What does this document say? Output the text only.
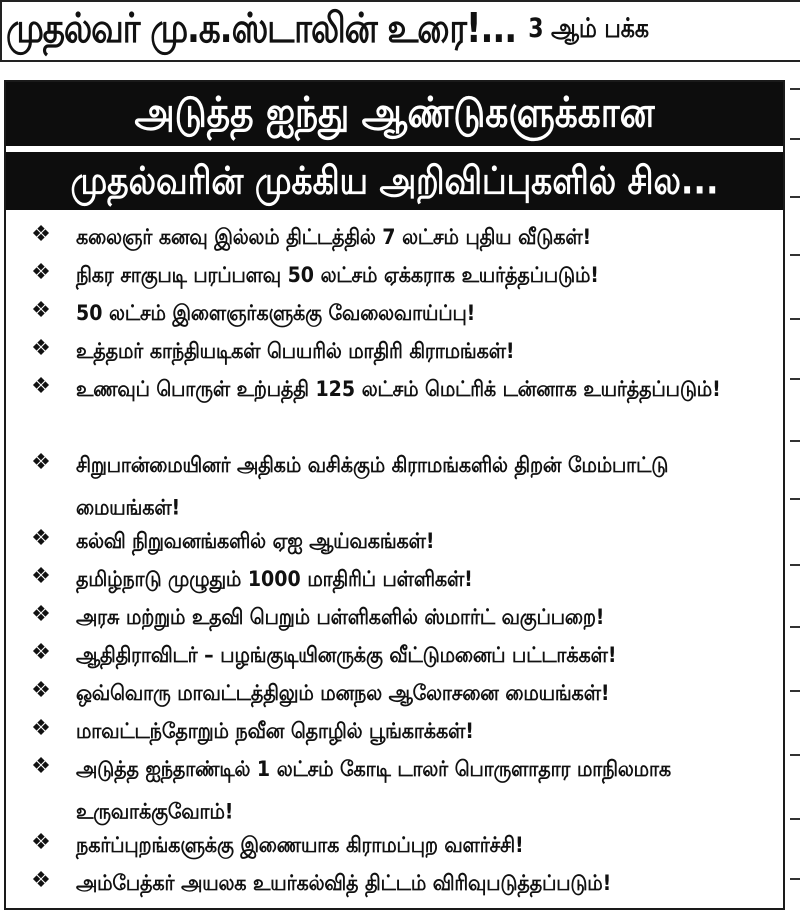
முதல்வர் மு.க.ஸ்டாலின் உரை!... 3 ஆம் பக்க
அடுத்த ஐந்து ஆண்டுகளுக்கான
முதல்வரின் முக்கிய அறிவிப்புகளில் சில...
❖	கலைஞர் கனவு இல்லம் திட்டத்தில் 7 லட்சம் புதிய வீடுகள்!
❖	நிகர சாகுபடி பரப்பளவு 50 லட்சம் ஏக்கராக உயர்த்தப்படும்!
❖	50 லட்சம் இளைஞர்களுக்கு வேலைவாய்ப்பு!
❖	உத்தமர் காந்தியடிகள் பெயரில் மாதிரி கிராமங்கள்!
❖	உணவுப் பொருள் உற்பத்தி 125 லட்சம் மெட்ரிக் டன்னாக உயர்த்தப்படும்!
❖	சிறுபான்மையினர் அதிகம் வசிக்கும் கிராமங்களில் திறன் மேம்பாட்டு மையங்கள்!
❖	கல்வி நிறுவனங்களில் ஏஐ ஆய்வகங்கள்!
❖	தமிழ்நாடு முழுதும் 1000 மாதிரிப் பள்ளிகள்!
❖	அரசு மற்றும் உதவி பெறும் பள்ளிகளில் ஸ்மார்ட் வகுப்பறை!
❖	ஆதிதிராவிடர் – பழங்குடியினருக்கு வீட்டுமனைப் பட்டாக்கள்!
❖	ஒவ்வொரு மாவட்டத்திலும் மனநல ஆலோசனை மையங்கள்!
❖	மாவட்டந்தோறும் நவீன தொழில் பூங்காக்கள்!
❖	அடுத்த ஐந்தாண்டில் 1 லட்சம் கோடி டாலர் பொருளாதார மாநிலமாக உருவாக்குவோம்!
❖	நகர்ப்புறங்களுக்கு இணையாக கிராமப்புற வளர்ச்சி!
❖	அம்பேத்கர் அயலக உயர்கல்வித் திட்டம் விரிவுபடுத்தப்படும்!
